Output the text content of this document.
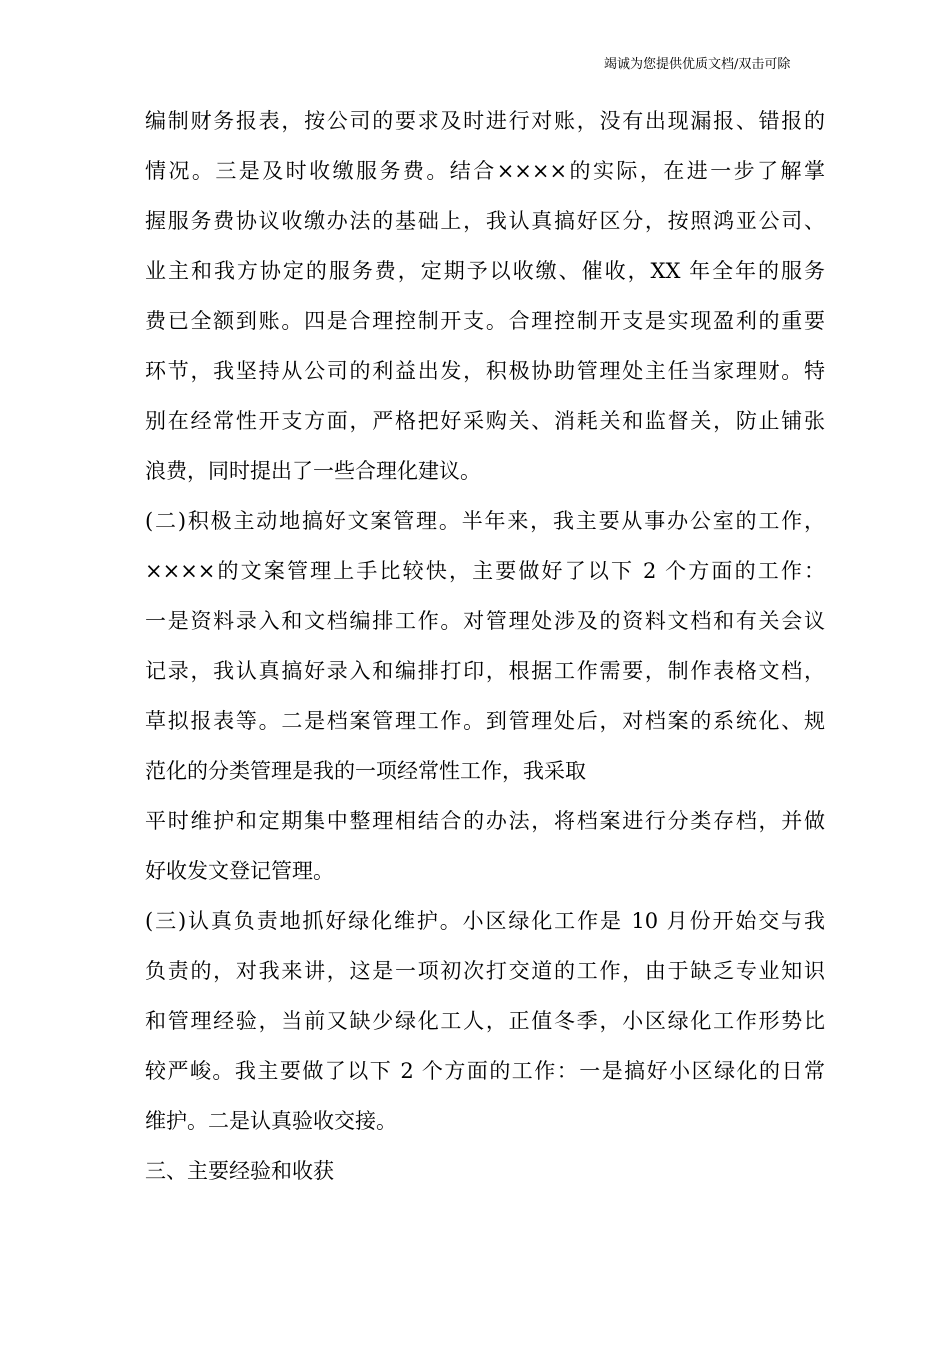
竭诚为您提供优质文档/双击可除
编制财务报表，按公司的要求及时进行对账，没有出现漏报、错报的
情况。三是及时收缴服务费。结合××××的实际，在进一步了解掌
握服务费协议收缴办法的基础上，我认真搞好区分，按照鸿亚公司、
业主和我方协定的服务费，定期予以收缴、催收，XX 年全年的服务
费已全额到账。四是合理控制开支。合理控制开支是实现盈利的重要
环节，我坚持从公司的利益出发，积极协助管理处主任当家理财。特
别在经常性开支方面，严格把好采购关、消耗关和监督关，防止铺张
浪费，同时提出了一些合理化建议。
(二)积极主动地搞好文案管理。半年来，我主要从事办公室的工作，
××××的文案管理上手比较快，主要做好了以下 2 个方面的工作：
一是资料录入和文档编排工作。对管理处涉及的资料文档和有关会议
记录，我认真搞好录入和编排打印，根据工作需要，制作表格文档，
草拟报表等。二是档案管理工作。到管理处后，对档案的系统化、规
范化的分类管理是我的一项经常性工作，我采取
平时维护和定期集中整理相结合的办法，将档案进行分类存档，并做
好收发文登记管理。
(三)认真负责地抓好绿化维护。小区绿化工作是 10 月份开始交与我
负责的，对我来讲，这是一项初次打交道的工作，由于缺乏专业知识
和管理经验，当前又缺少绿化工人，正值冬季，小区绿化工作形势比
较严峻。我主要做了以下 2 个方面的工作：一是搞好小区绿化的日常
维护。二是认真验收交接。
三、主要经验和收获
